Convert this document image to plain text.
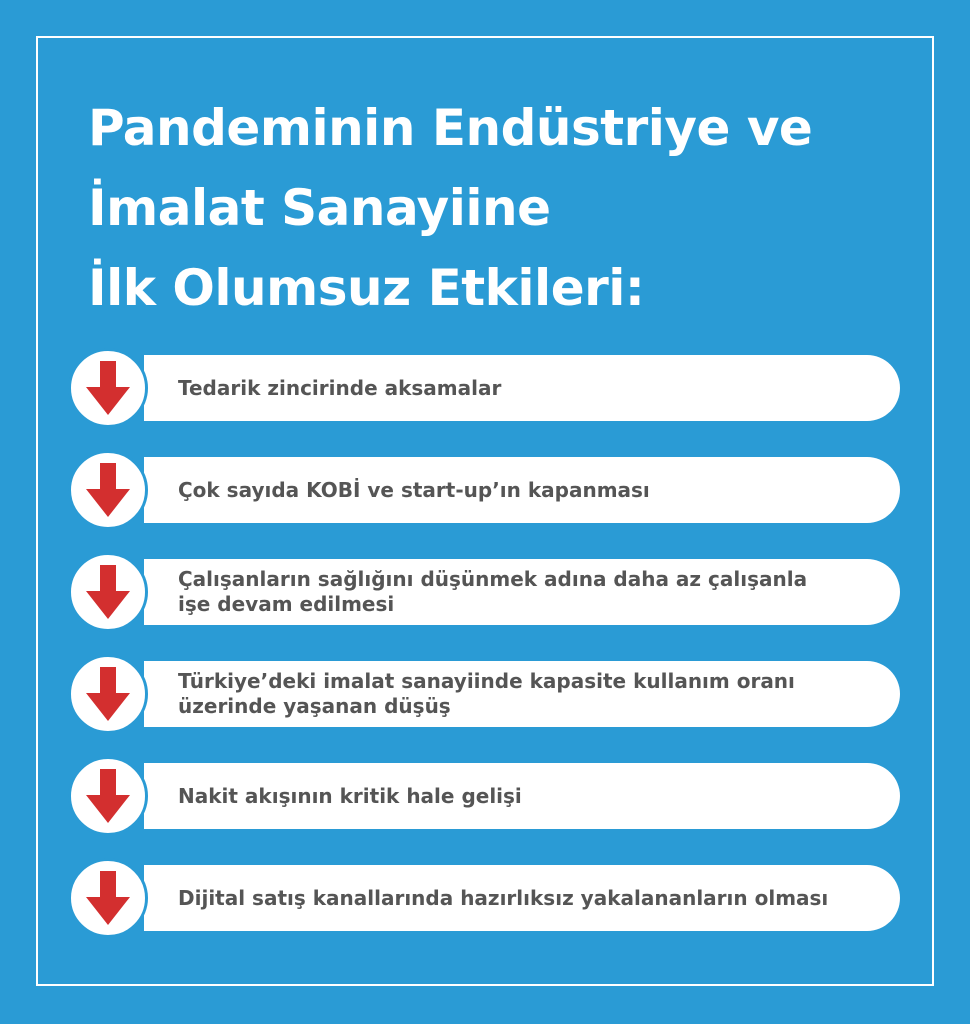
Pandeminin Endüstriye ve
İmalat Sanayiine
İlk Olumsuz Etkileri:
Tedarik zincirinde aksamalar
Çok sayıda KOBİ ve start-up’ın kapanması
Çalışanların sağlığını düşünmek adına daha az çalışanla
işe devam edilmesi
Türkiye’deki imalat sanayiinde kapasite kullanım oranı
üzerinde yaşanan düşüş
Nakit akışının kritik hale gelişi
Dijital satış kanallarında hazırlıksız yakalananların olması
